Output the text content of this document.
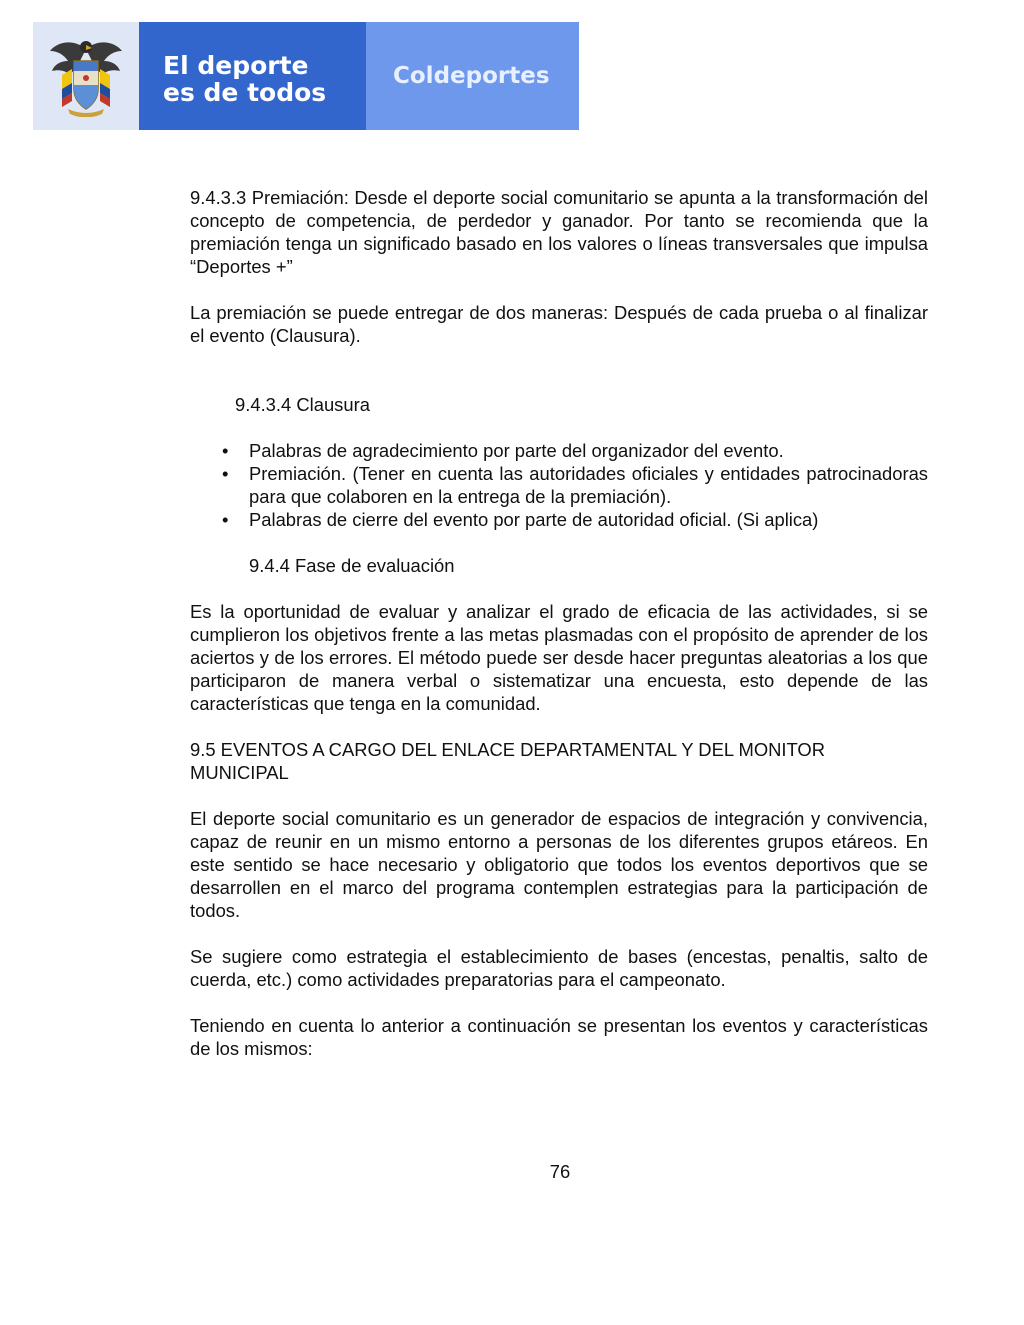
El deporte
es de todos
Coldeportes

9.4.3.3 Premiación: Desde el deporte social comunitario se apunta a la transformación del concepto de competencia, de perdedor y ganador. Por tanto se recomienda que la premiación tenga un significado basado en los valores o líneas transversales que impulsa “Deportes +”

La premiación se puede entregar de dos maneras: Después de cada prueba o al finalizar el evento (Clausura).

9.4.3.4 Clausura

• Palabras de agradecimiento por parte del organizador del evento.
• Premiación. (Tener en cuenta las autoridades oficiales y entidades patrocinadoras para que colaboren en la entrega de la premiación).
• Palabras de cierre del evento por parte de autoridad oficial. (Si aplica)

9.4.4 Fase de evaluación

Es la oportunidad de evaluar y analizar el grado de eficacia de las actividades, si se cumplieron los objetivos frente a las metas plasmadas con el propósito de aprender de los aciertos y de los errores. El método puede ser desde hacer preguntas aleatorias a los que participaron de manera verbal o sistematizar una encuesta, esto depende de las características que tenga en la comunidad.

9.5 EVENTOS A CARGO DEL ENLACE DEPARTAMENTAL Y DEL MONITOR MUNICIPAL

El deporte social comunitario es un generador de espacios de integración y convivencia, capaz de reunir en un mismo entorno a personas de los diferentes grupos etáreos. En este sentido se hace necesario y obligatorio que todos los eventos deportivos que se desarrollen en el marco del programa contemplen estrategias para la participación de todos.

Se sugiere como estrategia el establecimiento de bases (encestas, penaltis, salto de cuerda, etc.) como actividades preparatorias para el campeonato.

Teniendo en cuenta lo anterior a continuación se presentan los eventos y características de los mismos:

76
